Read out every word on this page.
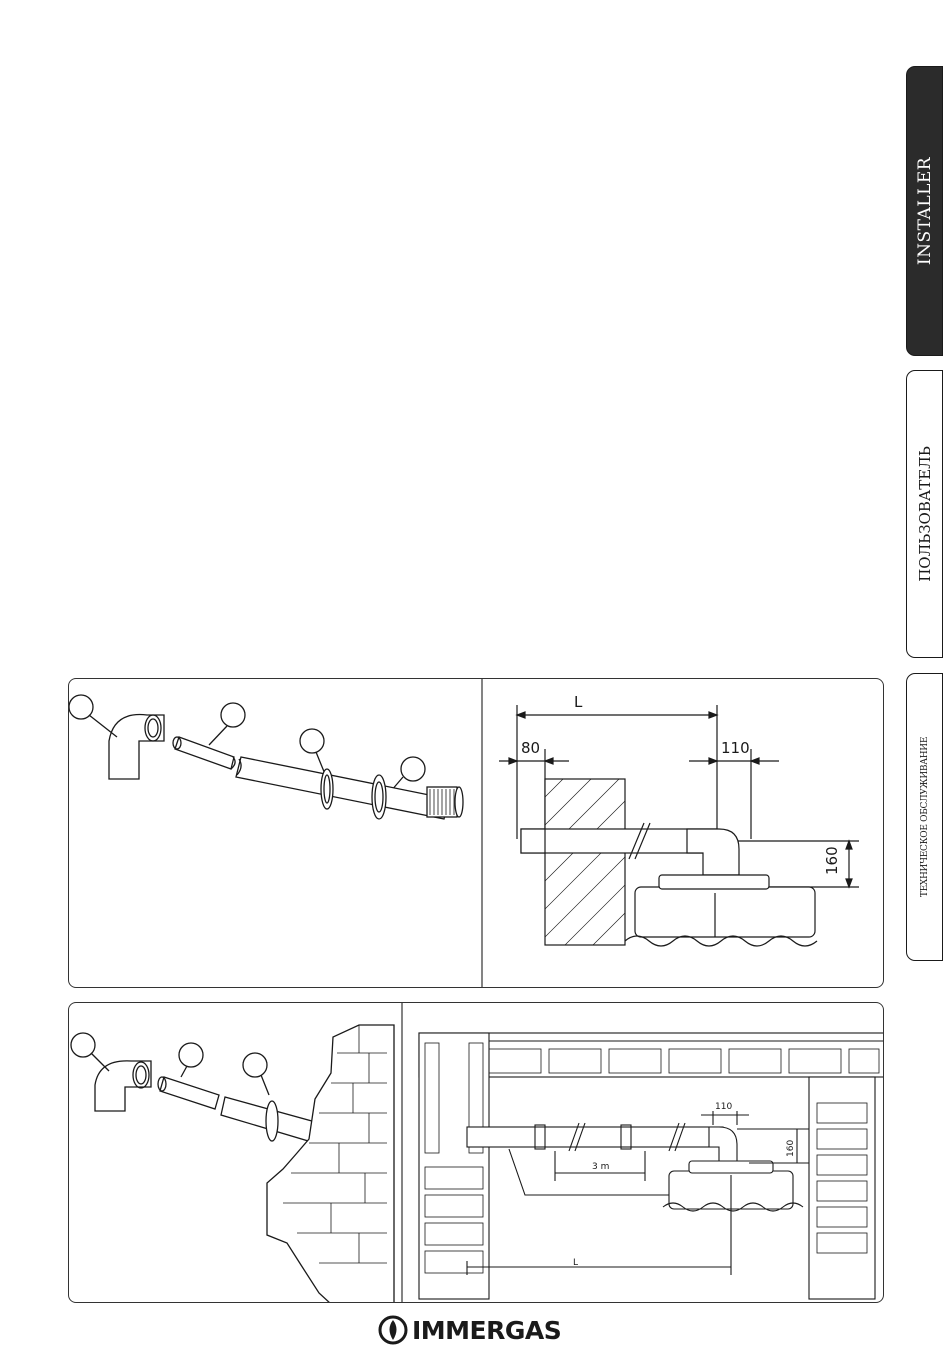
INSTALLER
ПОЛЬЗОВАТЕЛЬ
ТЕХНИЧЕСКОЕ ОБСЛУЖИВАНИЕ
L
80	110
160
110
160
3 m
L
IMMERGAS
